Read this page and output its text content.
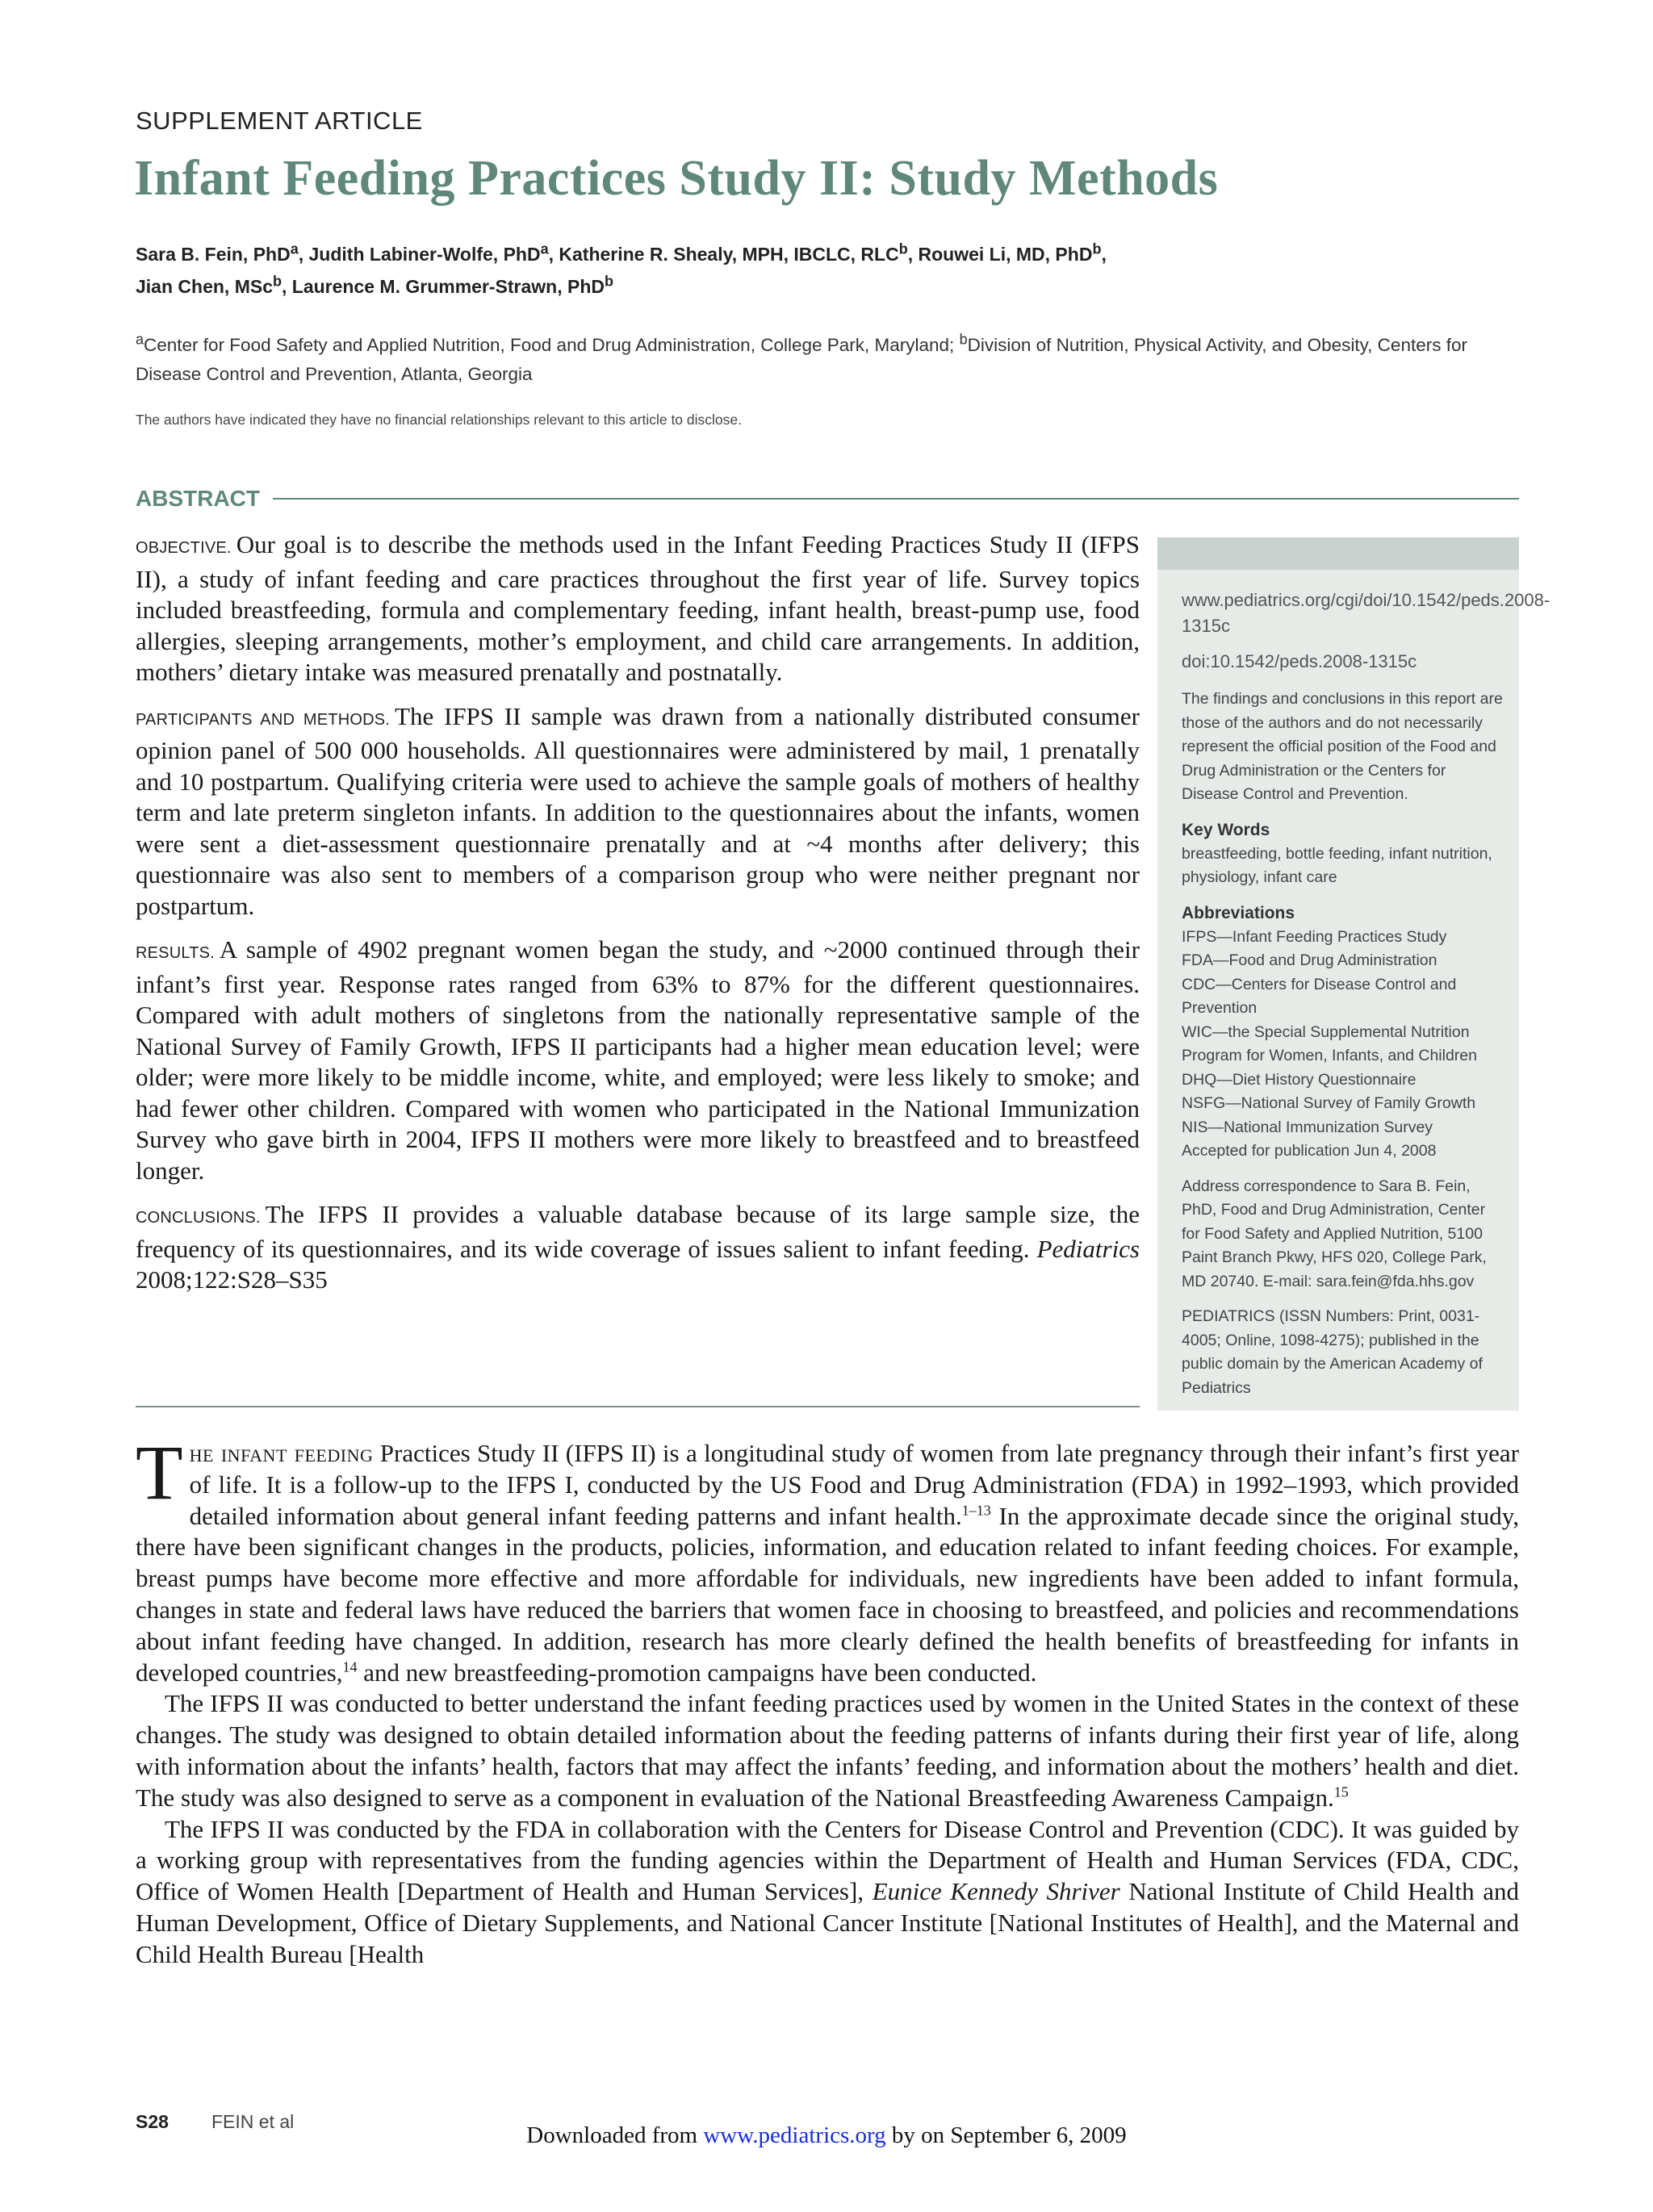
SUPPLEMENT ARTICLE
Infant Feeding Practices Study II: Study Methods
Sara B. Fein, PhD$^a$, Judith Labiner-Wolfe, PhD$^a$, Katherine R. Shealy, MPH, IBCLC, RLC$^b$, Rouwei Li, MD, PhD$^b$,
Jian Chen, MSc$^b$, Laurence M. Grummer-Strawn, PhD$^b$
$^a$Center for Food Safety and Applied Nutrition, Food and Drug Administration, College Park, Maryland; $^b$Division of Nutrition, Physical Activity, and Obesity, Centers for Disease Control and Prevention, Atlanta, Georgia
The authors have indicated they have no financial relationships relevant to this article to disclose.
ABSTRACT

OBJECTIVE. Our goal is to describe the methods used in the Infant Feeding Practices Study II (IFPS II), a study of infant feeding and care practices throughout the first year of life. Survey topics included breastfeeding, formula and complementary feeding, infant health, breast-pump use, food allergies, sleeping arrangements, mother’s employment, and child care arrangements. In addition, mothers’ dietary intake was measured prenatally and postnatally.

PARTICIPANTS AND METHODS. The IFPS II sample was drawn from a nationally distributed consumer opinion panel of 500 000 households. All questionnaires were administered by mail, 1 prenatally and 10 postpartum. Qualifying criteria were used to achieve the sample goals of mothers of healthy term and late preterm singleton infants. In addition to the questionnaires about the infants, women were sent a diet-assessment questionnaire prenatally and at ~4 months after delivery; this questionnaire was also sent to members of a comparison group who were neither pregnant nor postpartum.

RESULTS. A sample of 4902 pregnant women began the study, and ~2000 continued through their infant’s first year. Response rates ranged from 63% to 87% for the different questionnaires. Compared with adult mothers of singletons from the nationally representative sample of the National Survey of Family Growth, IFPS II participants had a higher mean education level; were older; were more likely to be middle income, white, and employed; were less likely to smoke; and had fewer other children. Compared with women who participated in the National Immunization Survey who gave birth in 2004, IFPS II mothers were more likely to breastfeed and to breastfeed longer.

CONCLUSIONS. The IFPS II provides a valuable database because of its large sample size, the frequency of its questionnaires, and its wide coverage of issues salient to infant feeding. Pediatrics 2008;122:S28–S35

www.pediatrics.org/cgi/doi/10.1542/peds.2008-1315c
doi:10.1542/peds.2008-1315c
The findings and conclusions in this report are those of the authors and do not necessarily represent the official position of the Food and Drug Administration or the Centers for Disease Control and Prevention.
Key Words
breastfeeding, bottle feeding, infant nutrition, physiology, infant care
Abbreviations
IFPS—Infant Feeding Practices Study
FDA—Food and Drug Administration
CDC—Centers for Disease Control and Prevention
WIC—the Special Supplemental Nutrition Program for Women, Infants, and Children
DHQ—Diet History Questionnaire
NSFG—National Survey of Family Growth
NIS—National Immunization Survey
Accepted for publication Jun 4, 2008
Address correspondence to Sara B. Fein, PhD, Food and Drug Administration, Center for Food Safety and Applied Nutrition, 5100 Paint Branch Pkwy, HFS 020, College Park, MD 20740. E-mail: sara.fein@fda.hhs.gov
PEDIATRICS (ISSN Numbers: Print, 0031-4005; Online, 1098-4275); published in the public domain by the American Academy of Pediatrics

The infant feeding Practices Study II (IFPS II) is a longitudinal study of women from late pregnancy through their infant’s first year of life. It is a follow-up to the IFPS I, conducted by the US Food and Drug Administration (FDA) in 1992–1993, which provided detailed information about general infant feeding patterns and infant health.$^{1-13}$ In the approximate decade since the original study, there have been significant changes in the products, policies, information, and education related to infant feeding choices. For example, breast pumps have become more effective and more affordable for individuals, new ingredients have been added to infant formula, changes in state and federal laws have reduced the barriers that women face in choosing to breastfeed, and policies and recommendations about infant feeding have changed. In addition, research has more clearly defined the health benefits of breastfeeding for infants in developed countries,$^{14}$ and new breastfeeding-promotion campaigns have been conducted.

The IFPS II was conducted to better understand the infant feeding practices used by women in the United States in the context of these changes. The study was designed to obtain detailed information about the feeding patterns of infants during their first year of life, along with information about the infants’ health, factors that may affect the infants’ feeding, and information about the mothers’ health and diet. The study was also designed to serve as a component in evaluation of the National Breastfeeding Awareness Campaign.$^{15}$

The IFPS II was conducted by the FDA in collaboration with the Centers for Disease Control and Prevention (CDC). It was guided by a working group with representatives from the funding agencies within the Department of Health and Human Services (FDA, CDC, Office of Women Health [Department of Health and Human Services], Eunice Kennedy Shriver National Institute of Child Health and Human Development, Office of Dietary Supplements, and National Cancer Institute [National Institutes of Health], and the Maternal and Child Health Bureau [Health

S28 FEIN et al
Downloaded from www.pediatrics.org by on September 6, 2009
